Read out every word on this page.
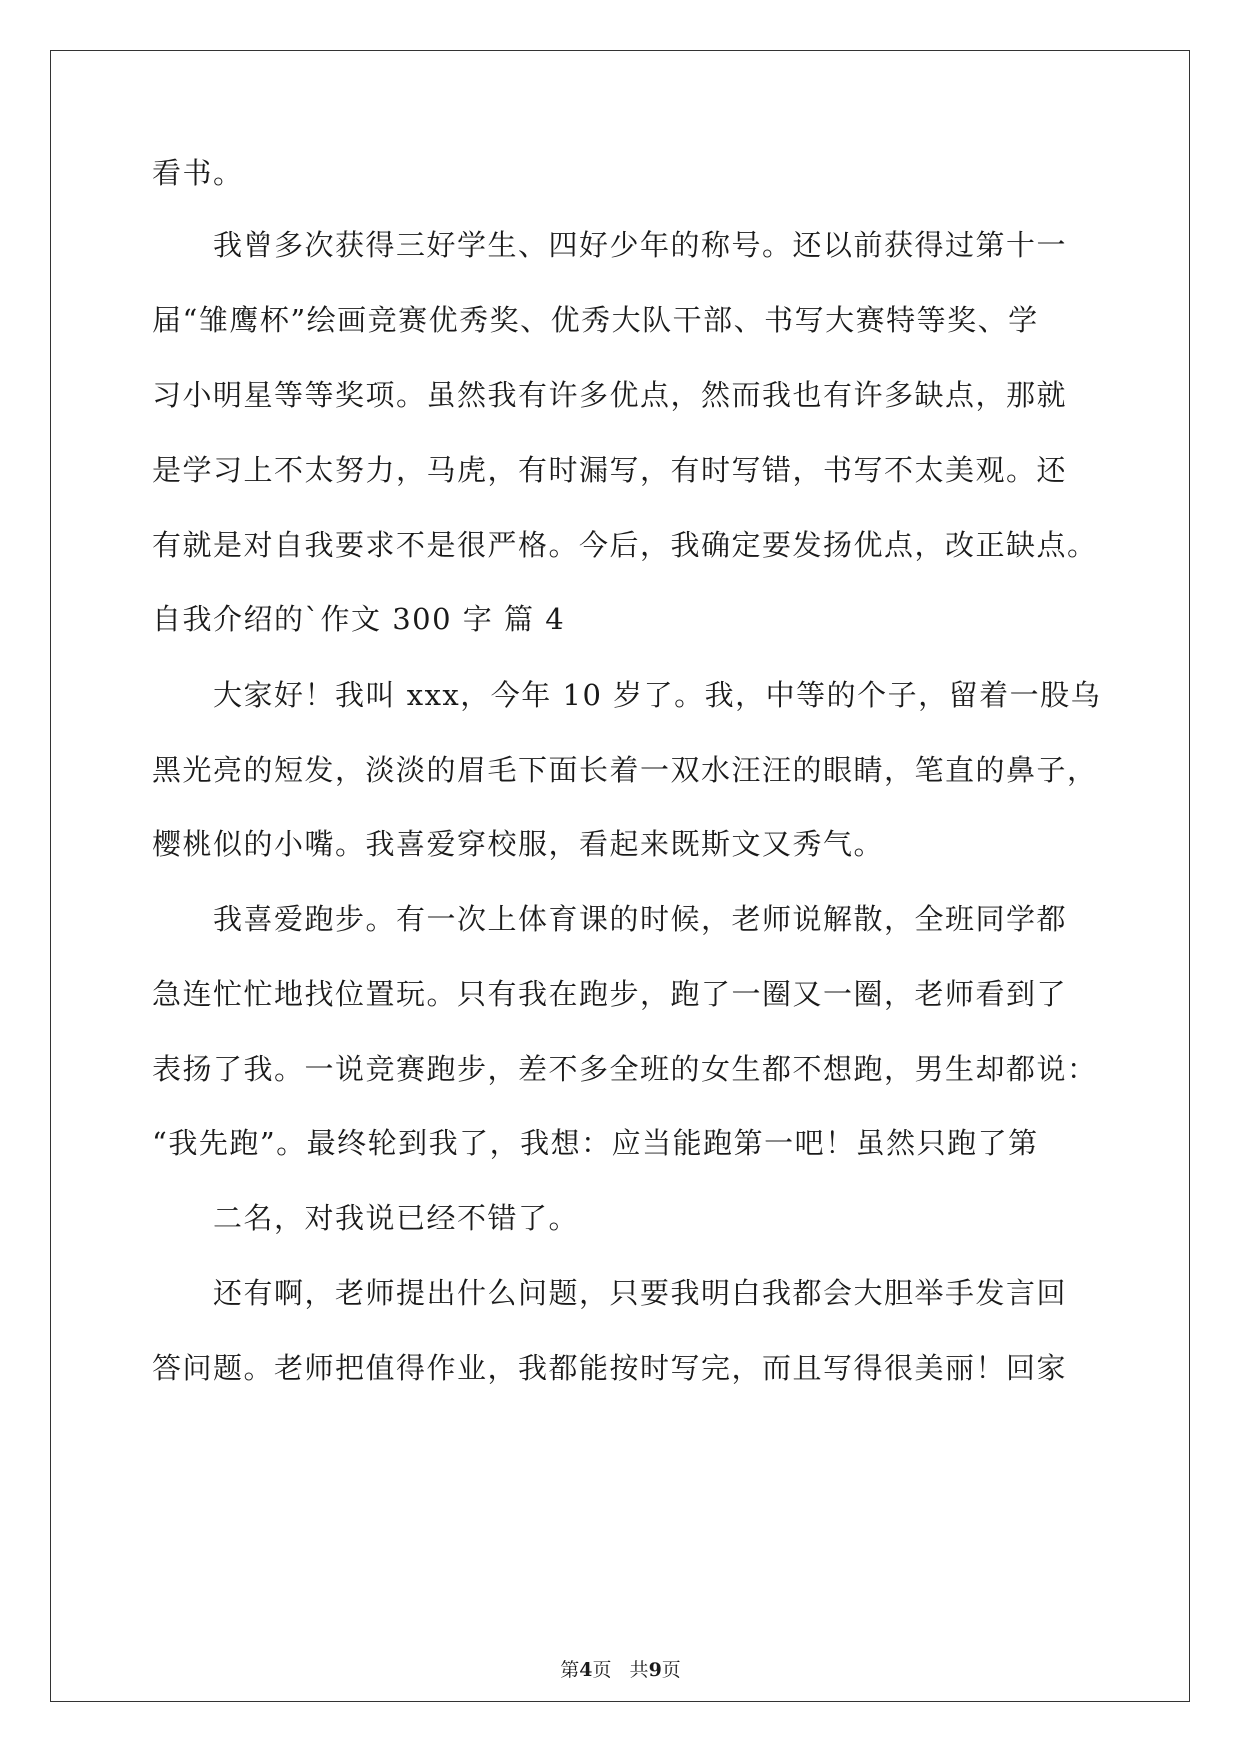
看书。
我曾多次获得三好学生、四好少年的称号。还以前获得过第十一
届“雏鹰杯”绘画竞赛优秀奖、优秀大队干部、书写大赛特等奖、学
习小明星等等奖项。虽然我有许多优点，然而我也有许多缺点，那就
是学习上不太努力，马虎，有时漏写，有时写错，书写不太美观。还
有就是对自我要求不是很严格。今后，我确定要发扬优点，改正缺点。
自我介绍的`作文 300 字 篇 4
大家好！我叫 xxx，今年 10 岁了。我，中等的个子，留着一股乌
黑光亮的短发，淡淡的眉毛下面长着一双水汪汪的眼睛，笔直的鼻子，
樱桃似的小嘴。我喜爱穿校服，看起来既斯文又秀气。
我喜爱跑步。有一次上体育课的时候，老师说解散，全班同学都
急连忙忙地找位置玩。只有我在跑步，跑了一圈又一圈，老师看到了
表扬了我。一说竞赛跑步，差不多全班的女生都不想跑，男生却都说：
“我先跑”。最终轮到我了，我想：应当能跑第一吧！虽然只跑了第
二名，对我说已经不错了。
还有啊，老师提出什么问题，只要我明白我都会大胆举手发言回
答问题。老师把值得作业，我都能按时写完，而且写得很美丽！回家
第4页   共9页
